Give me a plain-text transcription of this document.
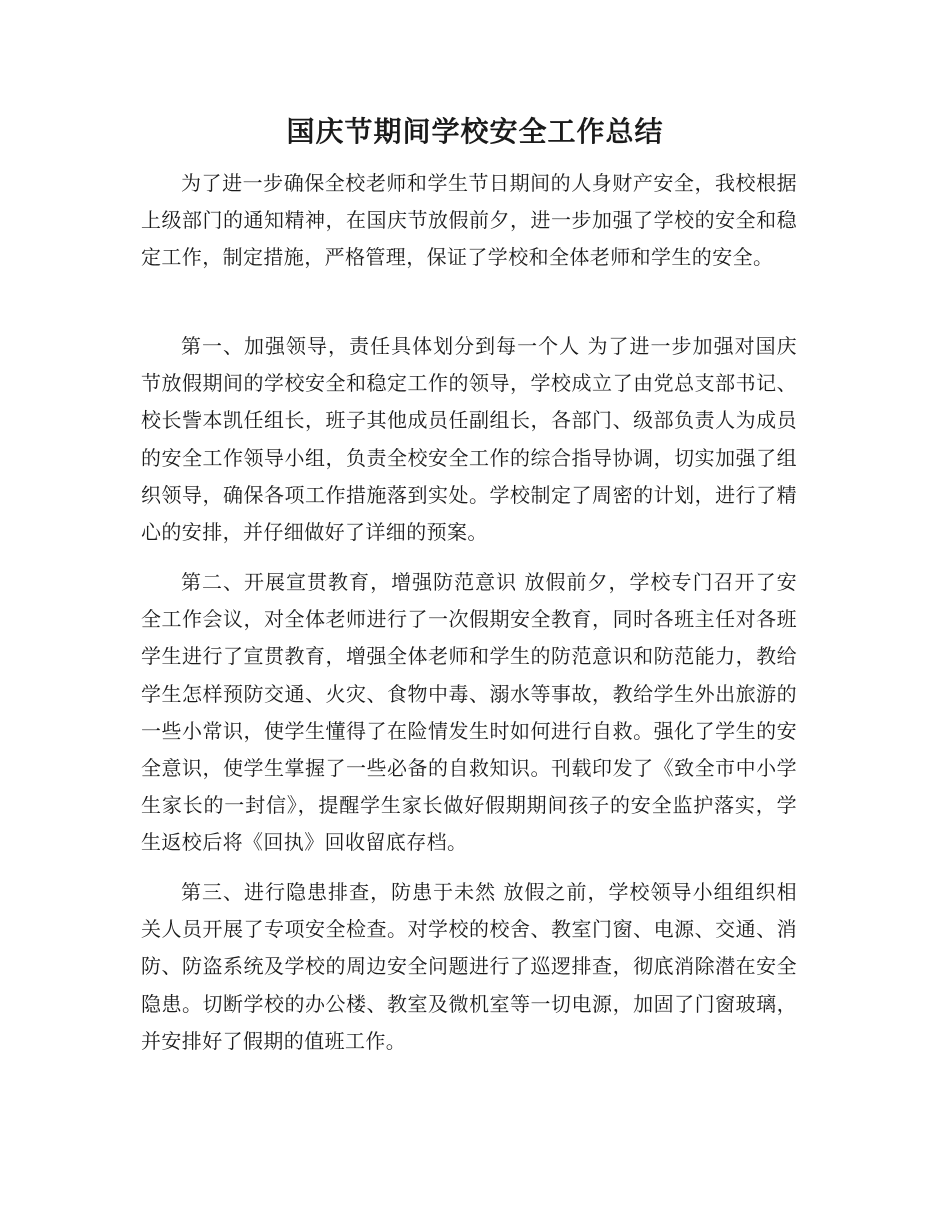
国庆节期间学校安全工作总结

为了进一步确保全校老师和学生节日期间的人身财产安全，我校根据上级部门的通知精神，在国庆节放假前夕，进一步加强了学校的安全和稳定工作，制定措施，严格管理，保证了学校和全体老师和学生的安全。

第一、加强领导，责任具体划分到每一个人 为了进一步加强对国庆节放假期间的学校安全和稳定工作的领导，学校成立了由党总支部书记、校长訾本凯任组长，班子其他成员任副组长，各部门、级部负责人为成员的安全工作领导小组，负责全校安全工作的综合指导协调，切实加强了组织领导，确保各项工作措施落到实处。学校制定了周密的计划，进行了精心的安排，并仔细做好了详细的预案。

第二、开展宣贯教育，增强防范意识 放假前夕，学校专门召开了安全工作会议，对全体老师进行了一次假期安全教育，同时各班主任对各班学生进行了宣贯教育，增强全体老师和学生的防范意识和防范能力，教给学生怎样预防交通、火灾、食物中毒、溺水等事故，教给学生外出旅游的一些小常识，使学生懂得了在险情发生时如何进行自救。强化了学生的安全意识，使学生掌握了一些必备的自救知识。刊载印发了《致全市中小学生家长的一封信》，提醒学生家长做好假期期间孩子的安全监护落实，学生返校后将《回执》回收留底存档。

第三、进行隐患排查，防患于未然 放假之前，学校领导小组组织相关人员开展了专项安全检查。对学校的校舍、教室门窗、电源、交通、消防、防盗系统及学校的周边安全问题进行了巡逻排查，彻底消除潜在安全隐患。切断学校的办公楼、教室及微机室等一切电源，加固了门窗玻璃，并安排好了假期的值班工作。
